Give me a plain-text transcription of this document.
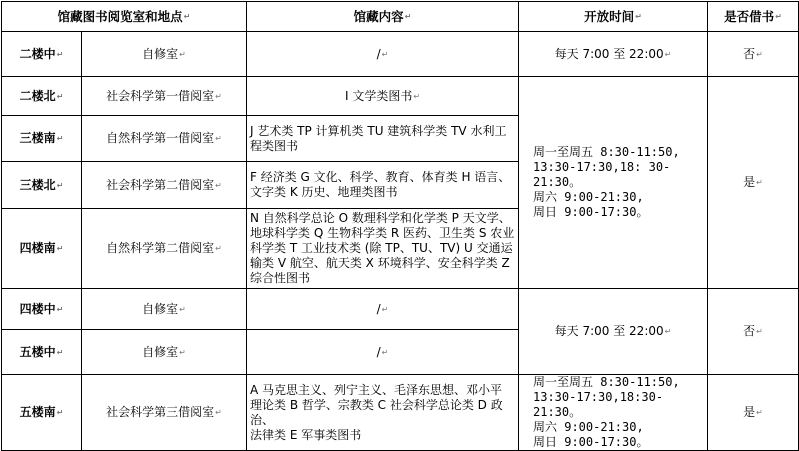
馆藏图书阅览室和地点↵		馆藏内容↵	开放时间↵	是否借书↵
二楼中↵	自修室↵	/↵	每天 7:00 至 22:00↵	否↵
二楼北↵	社会科学第一借阅室↵	I 文学类图书↵	周一至周五 8:30-11:50,
13:30-17:30,18: 30-21:30。
周六 9:00-21:30,
周日 9:00-17:30。	是↵
三楼南↵	自然科学第一借阅室↵	J 艺术类 TP 计算机类 TU 建筑科学类 TV 水利工
程类图书		

三楼北↵	社会科学第二借阅室↵	F 经济类 G 文化、科学、教育、体育类 H 语言、
文字类 K 历史、地理类图书		

四楼南↵	自然科学第二借阅室↵	N 自然科学总论 O 数理科学和化学类 P 天文学、
地球科学类 Q 生物科学类 R 医药、卫生类 S 农业
科学类 T 工业技术类 (除 TP、TU、TV) U 交通运
输类 V 航空、航天类 X 环境科学、安全科学类 Z
综合性图书		

四楼中↵	自修室↵	/↵	每天 7:00 至 22:00↵	否↵
五楼中↵	自修室↵	/↵
五楼南↵	社会科学第三借阅室↵	A 马克思主义、列宁主义、毛泽东思想、邓小平
理论类 B 哲学、宗教类 C 社会科学总论类 D 政治、
法律类 E 军事类图书	周一至周五 8:30-11:50,
13:30-17:30,18:30-21:30。
周六 9:00-21:30,
周日 9:00-17:30。	是↵
